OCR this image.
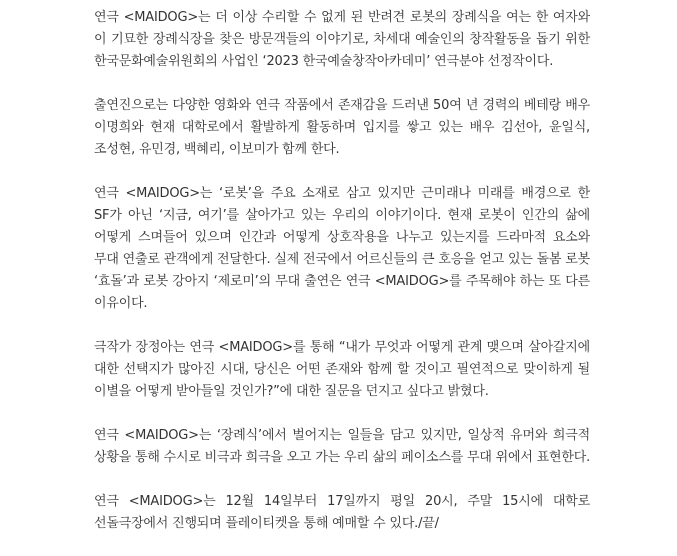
연극 <MAIDOG>는 더 이상 수리할 수 없게 된 반려견 로봇의 장례식을 여는 한 여자와 이 기묘한 장례식장을 찾은 방문객들의 이야기로, 차세대 예술인의 창작활동을 돕기 위한 한국문화예술위원회의 사업인 ‘2023 한국예술창작아카데미’ 연극분야 선정작이다.

출연진으로는 다양한 영화와 연극 작품에서 존재감을 드러낸 50여 년 경력의 베테랑 배우 이명희와 현재 대학로에서 활발하게 활동하며 입지를 쌓고 있는 배우 김선아, 윤일식, 조성현, 유민경, 백혜리, 이보미가 함께 한다.

연극 <MAIDOG>는 ‘로봇’을 주요 소재로 삼고 있지만 근미래나 미래를 배경으로 한 SF가 아닌 ‘지금, 여기’를 살아가고 있는 우리의 이야기이다. 현재 로봇이 인간의 삶에 어떻게 스며들어 있으며 인간과 어떻게 상호작용을 나누고 있는지를 드라마적 요소와 무대 연출로 관객에게 전달한다. 실제 전국에서 어르신들의 큰 호응을 얻고 있는 돌봄 로봇 ‘효돌’과 로봇 강아지 ‘제로미’의 무대 출연은 연극 <MAIDOG>를 주목해야 하는 또 다른 이유이다.

극작가 장정아는 연극 <MAIDOG>를 통해 “내가 무엇과 어떻게 관계 맺으며 살아갈지에 대한 선택지가 많아진 시대, 당신은 어떤 존재와 함께 할 것이고 필연적으로 맞이하게 될 이별을 어떻게 받아들일 것인가?”에 대한 질문을 던지고 싶다고 밝혔다.

연극 <MAIDOG>는 ‘장례식’에서 벌어지는 일들을 담고 있지만, 일상적 유머와 희극적 상황을 통해 수시로 비극과 희극을 오고 가는 우리 삶의 페이소스를 무대 위에서 표현한다.

연극 <MAIDOG>는 12월 14일부터 17일까지 평일 20시, 주말 15시에 대학로 선돌극장에서 진행되며 플레이티켓을 통해 예매할 수 있다./끝/
